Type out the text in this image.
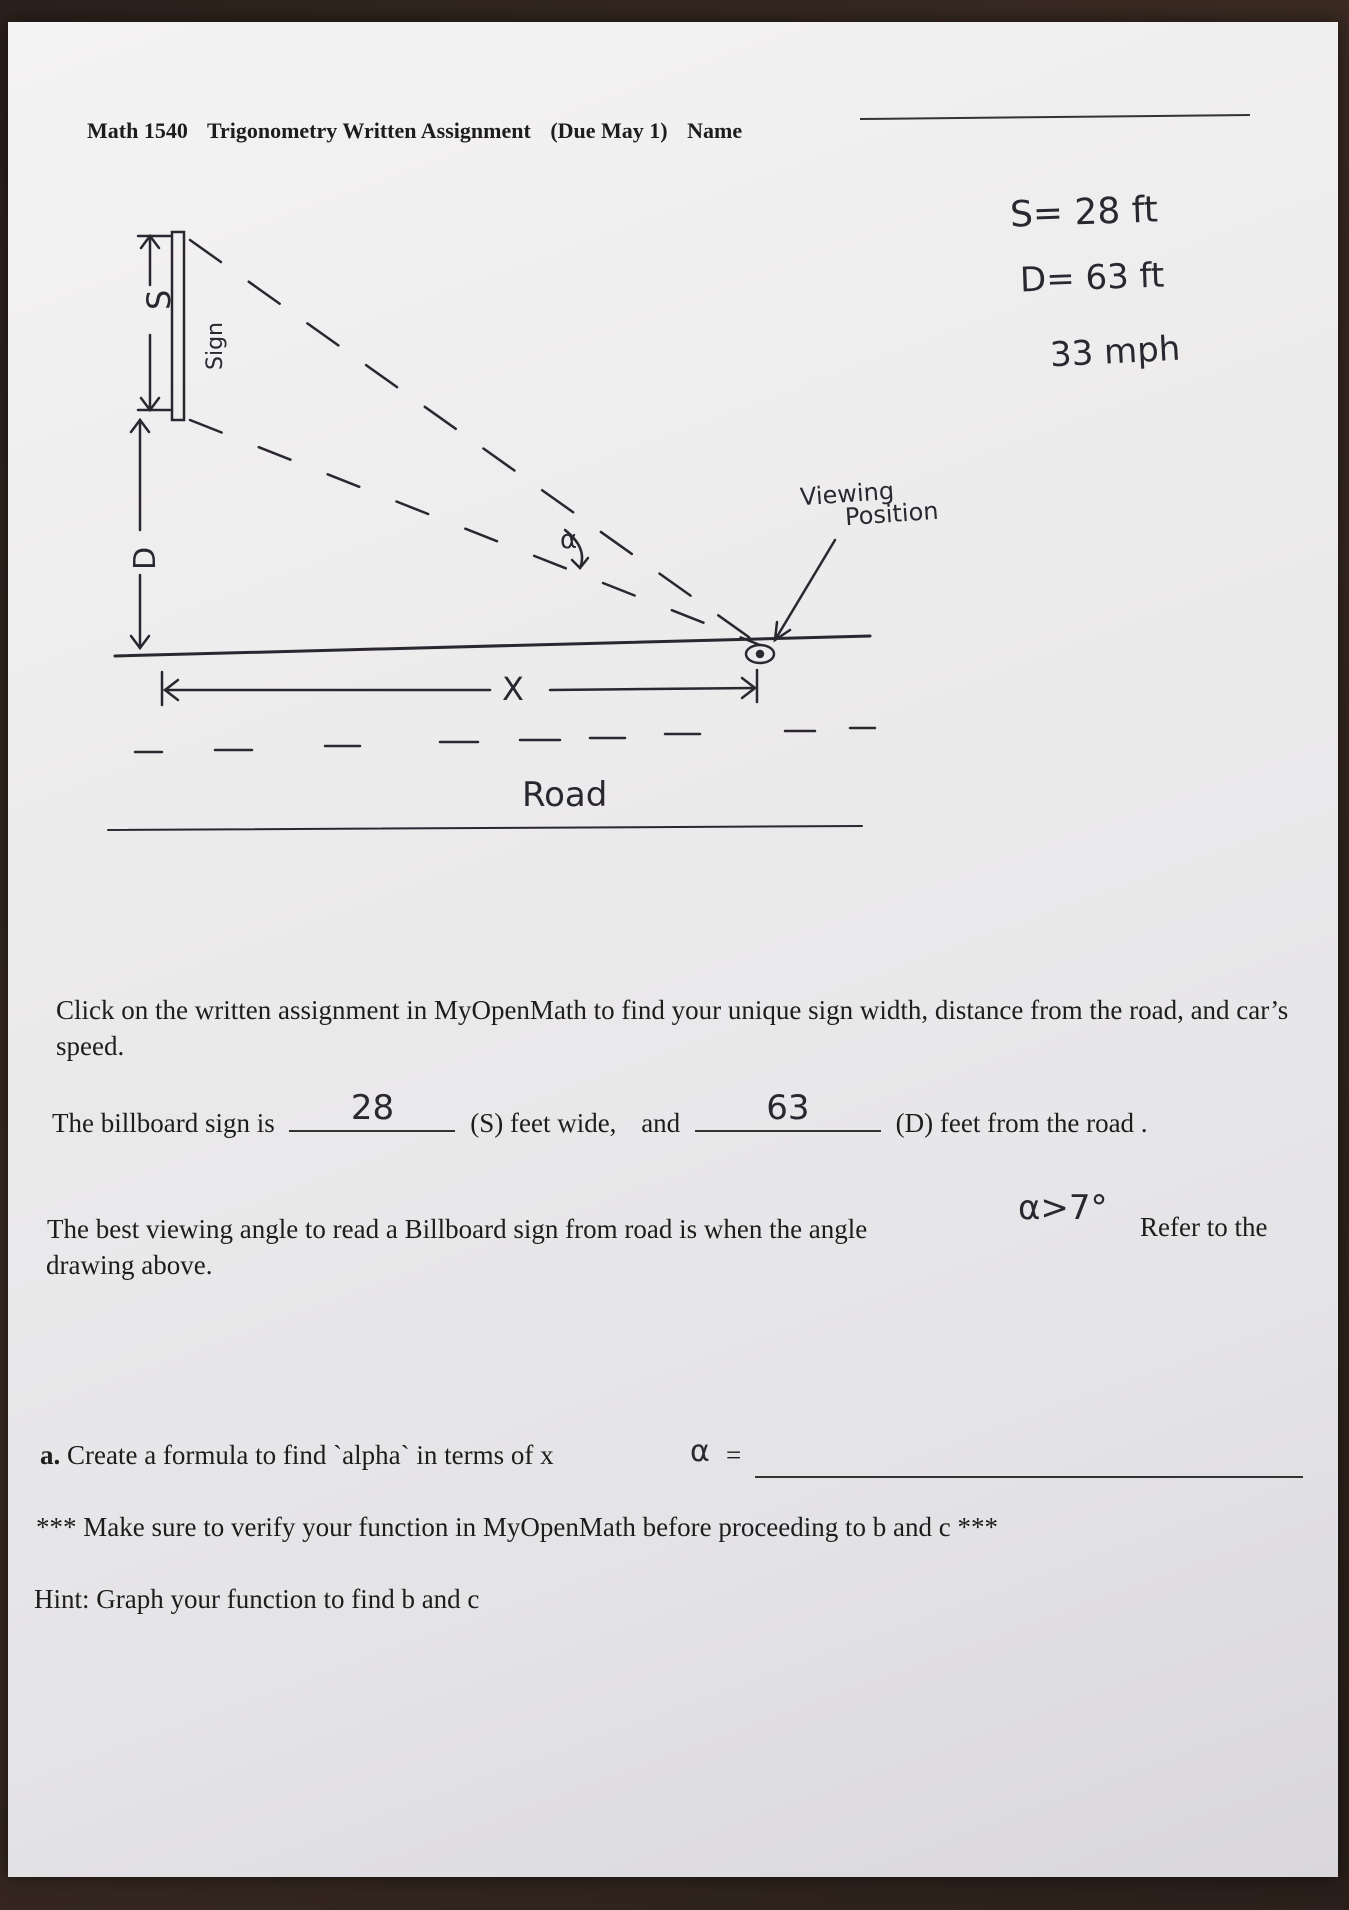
Math 1540 Trigonometry Written Assignment (Due May 1) Name
S= 28 ft
D= 63 ft
33 mph
S
Sign
D
X
α
Viewing
Position
Road
Click on the written assignment in MyOpenMath to find your unique sign width, distance from the road, and car’s speed.
The billboard sign is	28	(S) feet wide, and	63	(D) feet from the road .
The best viewing angle to read a Billboard sign from road is when the angle
α>7° Refer to the
drawing above.
a. Create a formula to find `alpha` in terms of x	α =
*** Make sure to verify your function in MyOpenMath before proceeding to b and c ***
Hint: Graph your function to find b and c
